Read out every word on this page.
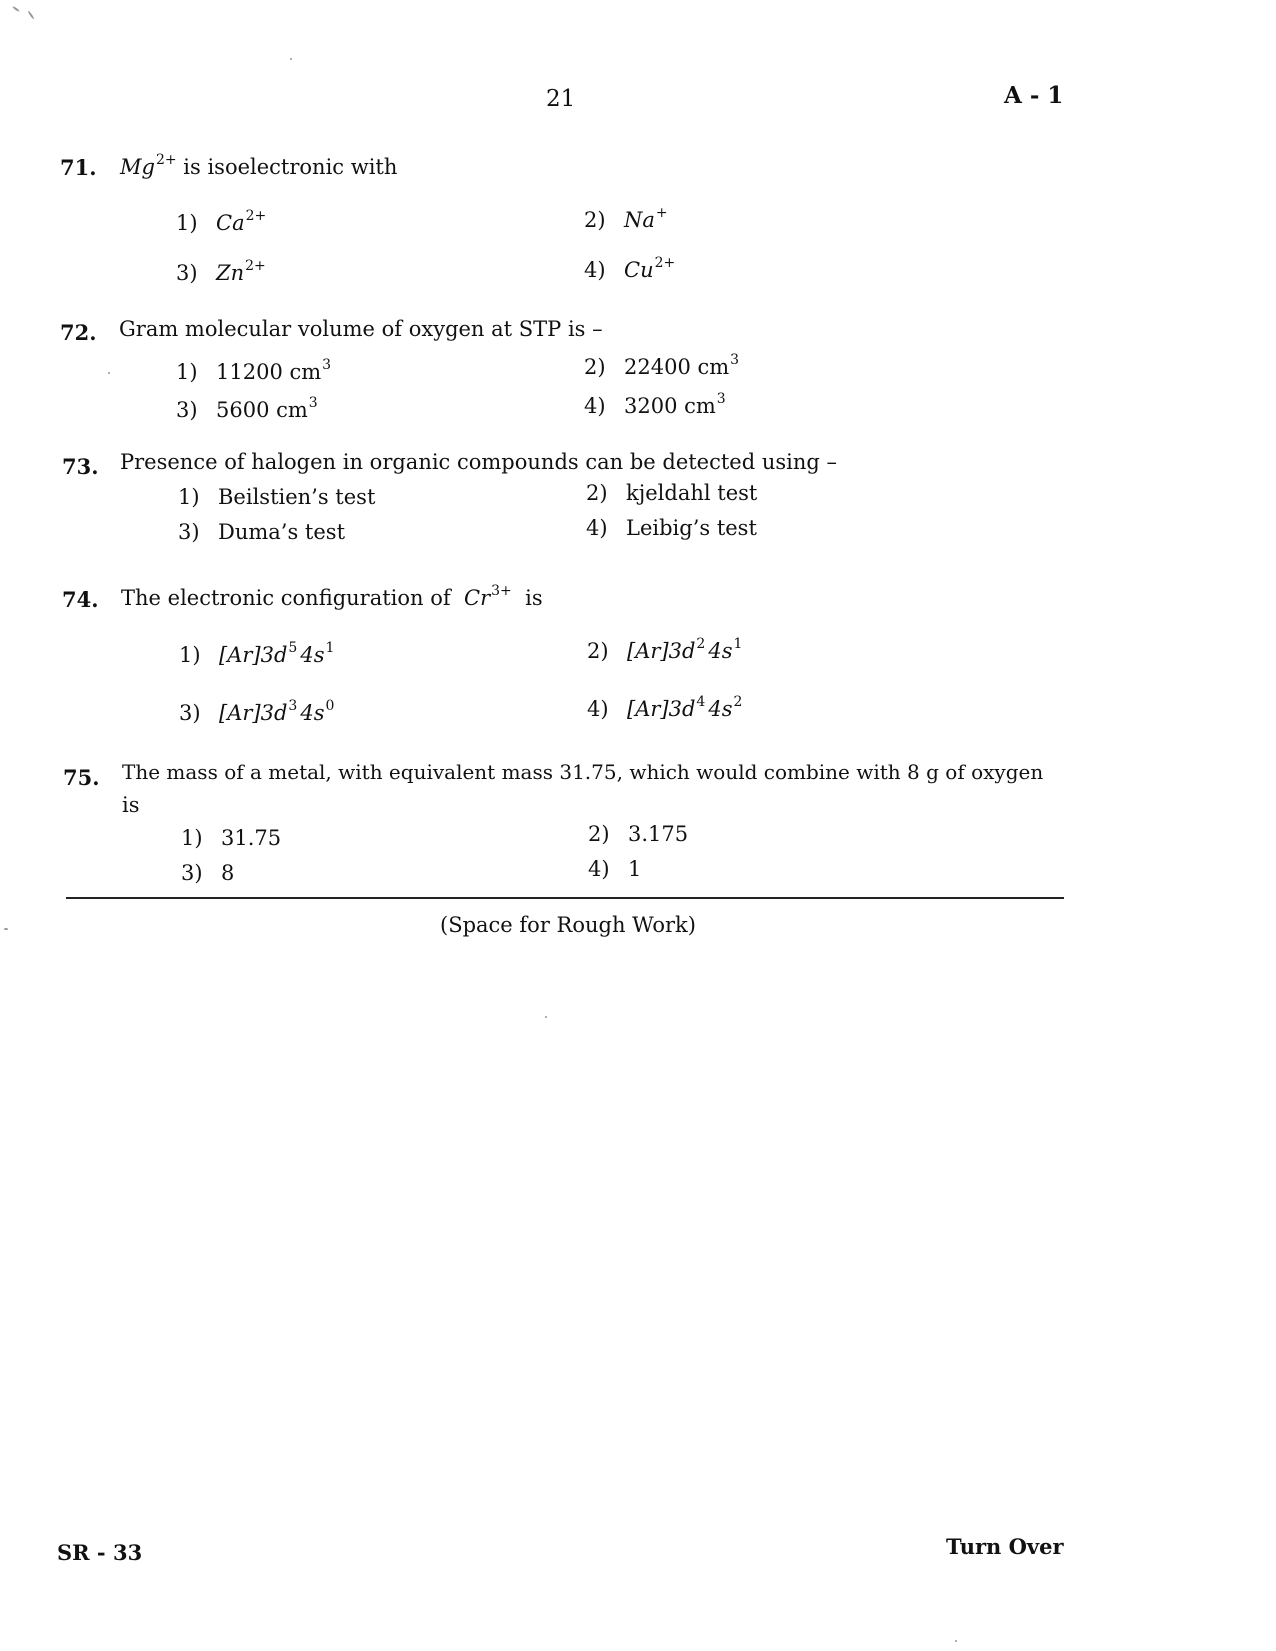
21	A - 1
71. $Mg^{2+}$ is isoelectronic with
1) $Ca^{2+}$	2) Na+
3) $Zn^{2+}$	4) $Cu^{2+}$
72. Gram molecular volume of oxygen at STP is –
1) 11200 $cm^3$	2) 22400 $cm^3$
3) 5600 $cm^3$	4) 3200 $cm^3$
73. Presence of halogen in organic compounds can be detected using –
1) Beilstien’s test	2) kjeldahl test
3) Duma’s test	4) Leibig’s test
74. The electronic configuration of $Cr^{3+}$ is
1) $[Ar]3d^5$ $4s^1$	2) $[Ar]3d^2$ $4s^1$
3) $[Ar]3d^3$ $4s^0$	4) $[Ar]3d^4$ $4s^2$
75. The mass of a metal, with equivalent mass 31.75, which would combine with 8 g of oxygen
is
1) 31.75	2) 3.175
3) 8	4) 1
(Space for Rough Work)
SR - 33	Turn Over
